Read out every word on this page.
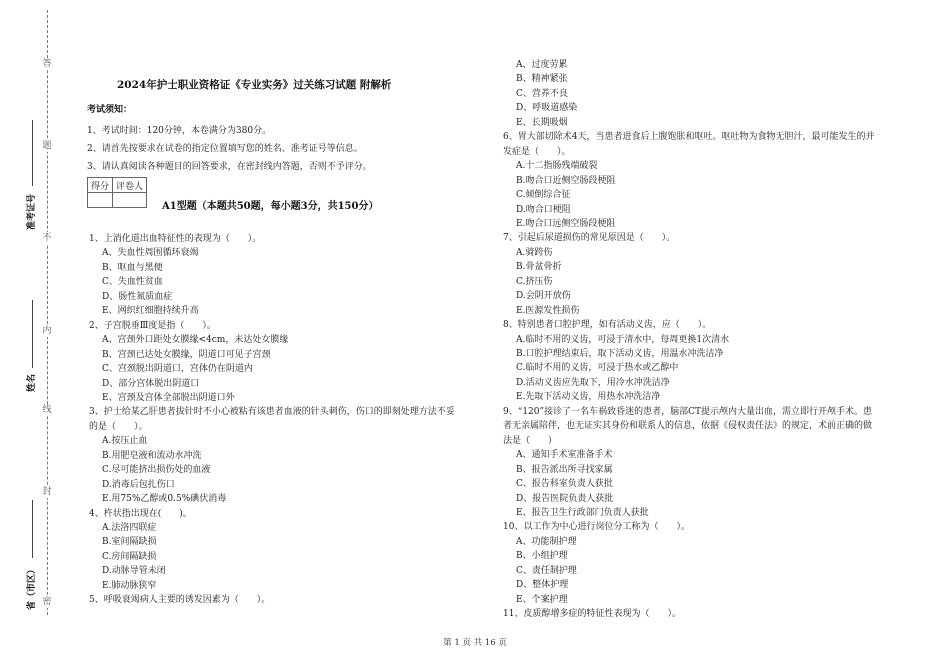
答
题
不
内
线
封
密
准考证号
姓名
省（市区）
2024年护士职业资格证《专业实务》过关练习试题 附解析
考试须知：
1、考试时间：120分钟，本卷满分为380分。
2、请首先按要求在试卷的指定位置填写您的姓名、准考证号等信息。
3、请认真阅读各种题目的回答要求，在密封线内答题，否则不予评分。
得分	评卷人

A1型题（本题共50题，每小题3分，共150分）
1、上消化道出血特征性的表现为（　　）。
A、失血性周围循环衰竭
B、呕血与黑便
C、失血性贫血
D、肠性氮质血症
E、网织红细胞持续升高
2、子宫脱垂Ⅲ度是指（　　）。
A、宫颈外口距处女膜缘<4cm，未达处女膜缘
B、宫颈已达处女膜缘，阴道口可见子宫颈
C、宫颈脱出阴道口，宫体仍在阴道内
D、部分宫体脱出阴道口
E、宫颈及宫体全部脱出阴道口外
3、护士给某乙肝患者拔针时不小心被粘有该患者血液的针头刺伤，伤口的即刻处理方法不妥
的是（　　）。
A.按压止血
B.用肥皂液和流动水冲洗
C.尽可能挤出损伤处的血液
D.消毒后包扎伤口
E.用75%乙醇或0.5%碘伏消毒
4、杵状指出现在(　　)。
A.法洛四联症
B.室间隔缺损
C.房间隔缺损
D.动脉导管未闭
E.肺动脉狭窄
5、呼吸衰竭病人主要的诱发因素为（　　）。
A、过度劳累
B、精神紧张
C、营养不良
D、呼吸道感染
E、长期吸烟
6、胃大部切除术4天，当患者进食后上腹饱胀和呕吐。呕吐物为食物无胆汁，最可能发生的并
发症是（　　）。
A.十二指肠残端破裂
B.吻合口近侧空肠段梗阻
C.倾倒综合征
D.吻合口梗阻
E.吻合口远侧空肠段梗阻
7、引起后尿道损伤的常见原因是（　　）。
A.骑跨伤
B.骨盆骨折
C.挤压伤
D.会阴开放伤
E.医源发性损伤
8、特别患者口腔护理，如有活动义齿，应（　　）。
A.临时不用的义齿，可浸于清水中，每周更换1次清水
B.口腔护理结束后，取下活动义齿，用温水冲洗洁净
C.临时不用的义齿，可浸于热水或乙醇中
D.活动义齿应先取下，用冷水冲洗洁净
E.先取下活动义齿，用热水冲洗洁净
9、“120”接诊了一名车祸致昏迷的患者，脑部CT提示颅内大量出血，需立即行开颅手术。患
者无亲属陪伴，也无证实其身份和联系人的信息，依据《侵权责任法》的规定，术前正确的做
法是（　　）
A、通知手术室准备手术
B、报告派出所寻找家属
C、报告科室负责人获批
D、报告医院负责人获批
E、报告卫生行政部门负责人获批
10、以工作为中心进行岗位分工称为（　　）。
A、功能制护理
B、小组护理
C、责任制护理
D、整体护理
E、个案护理
11、皮质醇增多症的特征性表现为（　　）。
第 1 页 共 16 页
